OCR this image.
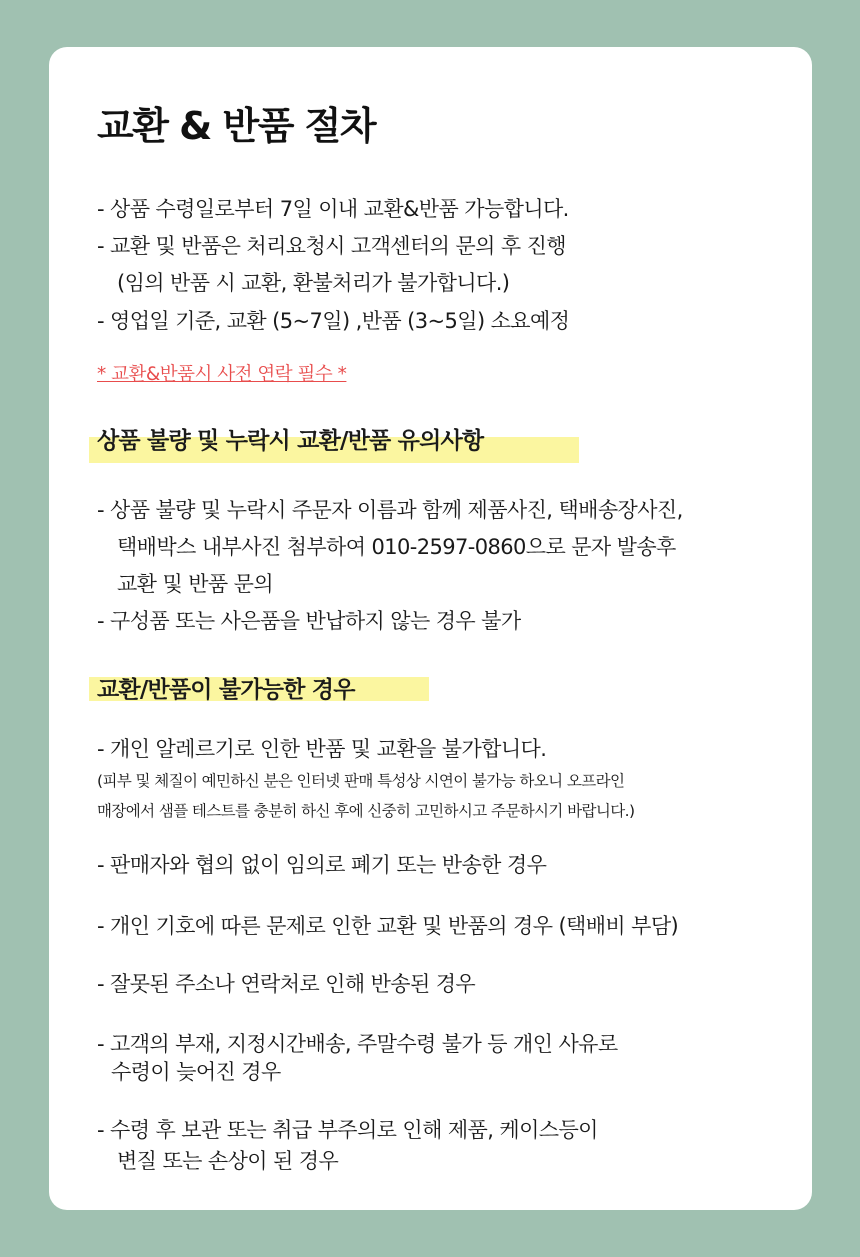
교환 & 반품 절차
- 상품 수령일로부터 7일 이내 교환&반품 가능합니다.
- 교환 및 반품은 처리요청시 고객센터의 문의 후 진행
(임의 반품 시 교환, 환불처리가 불가합니다.)
- 영업일 기준, 교환 (5~7일) ,반품 (3~5일) 소요예정
* 교환&반품시 사전 연락 필수 *
상품 불량 및 누락시 교환/반품 유의사항
- 상품 불량 및 누락시 주문자 이름과 함께 제품사진, 택배송장사진,
택배박스 내부사진 첨부하여 010-2597-0860으로 문자 발송후
교환 및 반품 문의
- 구성품 또는 사은품을 반납하지 않는 경우 불가
교환/반품이 불가능한 경우
- 개인 알레르기로 인한 반품 및 교환을 불가합니다.
(피부 및 체질이 예민하신 분은 인터넷 판매 특성상 시연이 불가능 하오니 오프라인
매장에서 샘플 테스트를 충분히 하신 후에 신중히 고민하시고 주문하시기 바랍니다.)
- 판매자와 협의 없이 임의로 폐기 또는 반송한 경우
- 개인 기호에 따른 문제로 인한 교환 및 반품의 경우 (택배비 부담)
- 잘못된 주소나 연락처로 인해 반송된 경우
- 고객의 부재, 지정시간배송, 주말수령 불가 등 개인 사유로
수령이 늦어진 경우
- 수령 후 보관 또는 취급 부주의로 인해 제품, 케이스등이
변질 또는 손상이 된 경우
